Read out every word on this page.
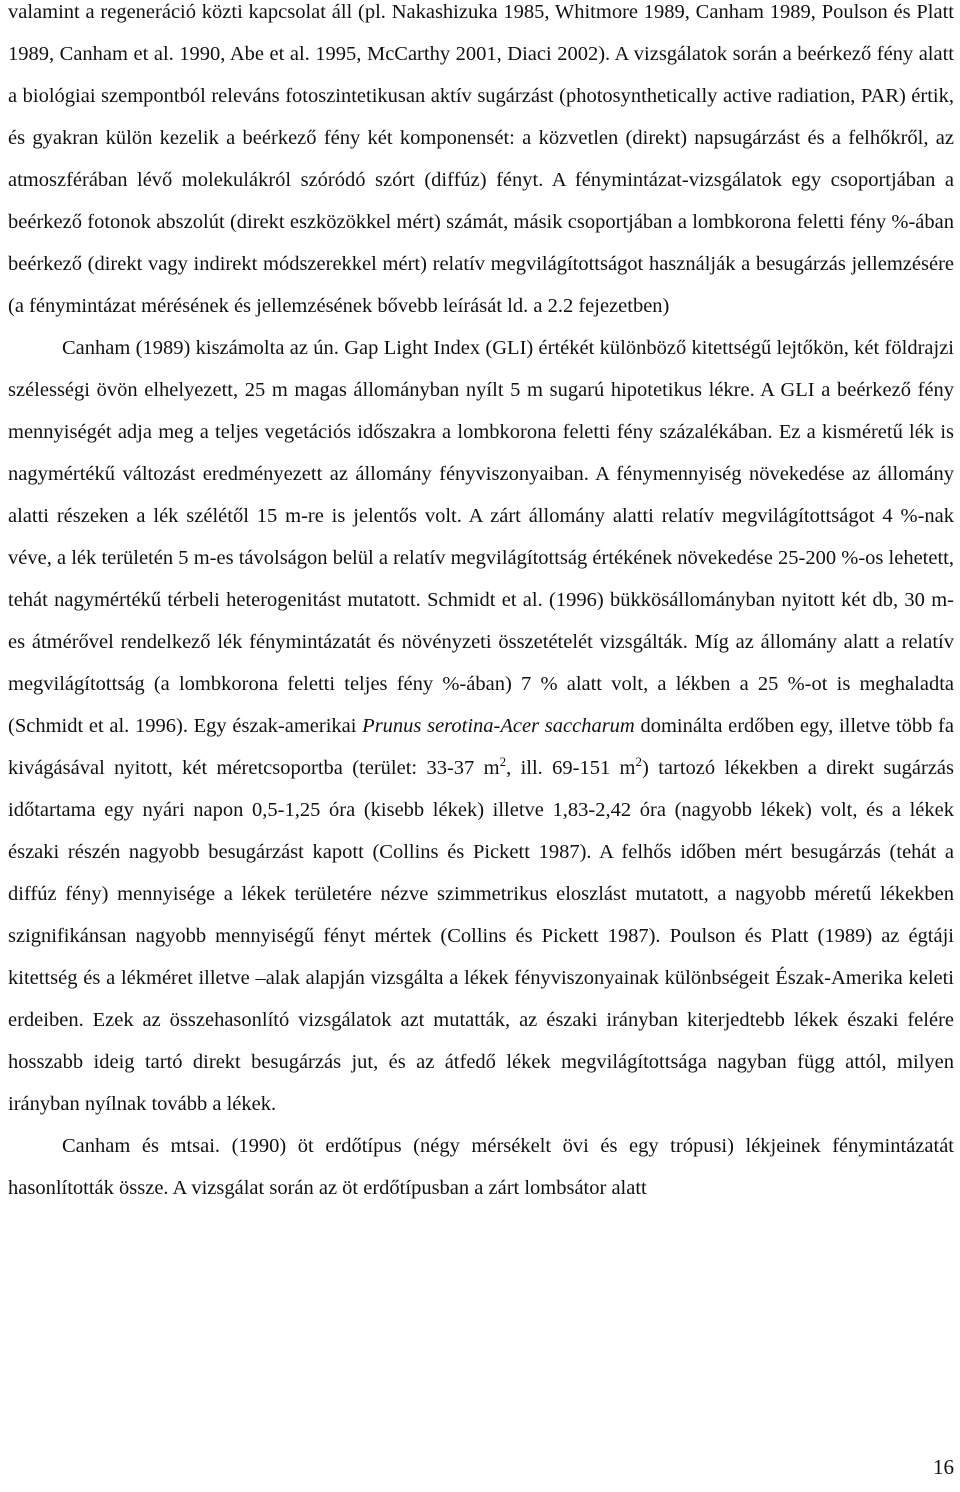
valamint a regeneráció közti kapcsolat áll (pl. Nakashizuka 1985, Whitmore 1989, Canham 1989, Poulson és Platt 1989, Canham et al. 1990, Abe et al. 1995, McCarthy 2001, Diaci 2002). A vizsgálatok során a beérkező fény alatt a biológiai szempontból releváns fotoszintetikusan aktív sugárzást (photosynthetically active radiation, PAR) értik, és gyakran külön kezelik a beérkező fény két komponensét: a közvetlen (direkt) napsugárzást és a felhőkről, az atmoszférában lévő molekulákról szóródó szórt (diffúz) fényt. A fénymintázat-vizsgálatok egy csoportjában a beérkező fotonok abszolút (direkt eszközökkel mért) számát, másik csoportjában a lombkorona feletti fény %-ában beérkező (direkt vagy indirekt módszerekkel mért) relatív megvilágítottságot használják a besugárzás jellemzésére (a fénymintázat mérésének és jellemzésének bővebb leírását ld. a 2.2 fejezetben)

Canham (1989) kiszámolta az ún. Gap Light Index (GLI) értékét különböző kitettségű lejtőkön, két földrajzi szélességi övön elhelyezett, 25 m magas állományban nyílt 5 m sugarú hipotetikus lékre. A GLI a beérkező fény mennyiségét adja meg a teljes vegetációs időszakra a lombkorona feletti fény százalékában. Ez a kisméretű lék is nagymértékű változást eredményezett az állomány fényviszonyaiban. A fénymennyiség növekedése az állomány alatti részeken a lék szélétől 15 m-re is jelentős volt. A zárt állomány alatti relatív megvilágítottságot 4 %-nak véve, a lék területén 5 m-es távolságon belül a relatív megvilágítottság értékének növekedése 25-200 %-os lehetett, tehát nagymértékű térbeli heterogenitást mutatott. Schmidt et al. (1996) bükkösállományban nyitott két db, 30 m-es átmérővel rendelkező lék fénymintázatát és növényzeti összetételét vizsgálták. Míg az állomány alatt a relatív megvilágítottság (a lombkorona feletti teljes fény %-ában) 7 % alatt volt, a lékben a 25 %-ot is meghaladta (Schmidt et al. 1996). Egy észak-amerikai Prunus serotina-Acer saccharum dominálta erdőben egy, illetve több fa kivágásával nyitott, két méretcsoportba (terület: 33-37 $m^2$, ill. 69-151 $m^2$) tartozó lékekben a direkt sugárzás időtartama egy nyári napon 0,5-1,25 óra (kisebb lékek) illetve 1,83-2,42 óra (nagyobb lékek) volt, és a lékek északi részén nagyobb besugárzást kapott (Collins és Pickett 1987). A felhős időben mért besugárzás (tehát a diffúz fény) mennyisége a lékek területére nézve szimmetrikus eloszlást mutatott, a nagyobb méretű lékekben szignifikánsan nagyobb mennyiségű fényt mértek (Collins és Pickett 1987). Poulson és Platt (1989) az égtáji kitettség és a lékméret illetve –alak alapján vizsgálta a lékek fényviszonyainak különbségeit Észak-Amerika keleti erdeiben. Ezek az összehasonlító vizsgálatok azt mutatták, az északi irányban kiterjedtebb lékek északi felére hosszabb ideig tartó direkt besugárzás jut, és az átfedő lékek megvilágítottsága nagyban függ attól, milyen irányban nyílnak tovább a lékek.

Canham és mtsai. (1990) öt erdőtípus (négy mérsékelt övi és egy trópusi) lékjeinek fénymintázatát hasonlították össze. A vizsgálat során az öt erdőtípusban a zárt lombsátor alatt

16
